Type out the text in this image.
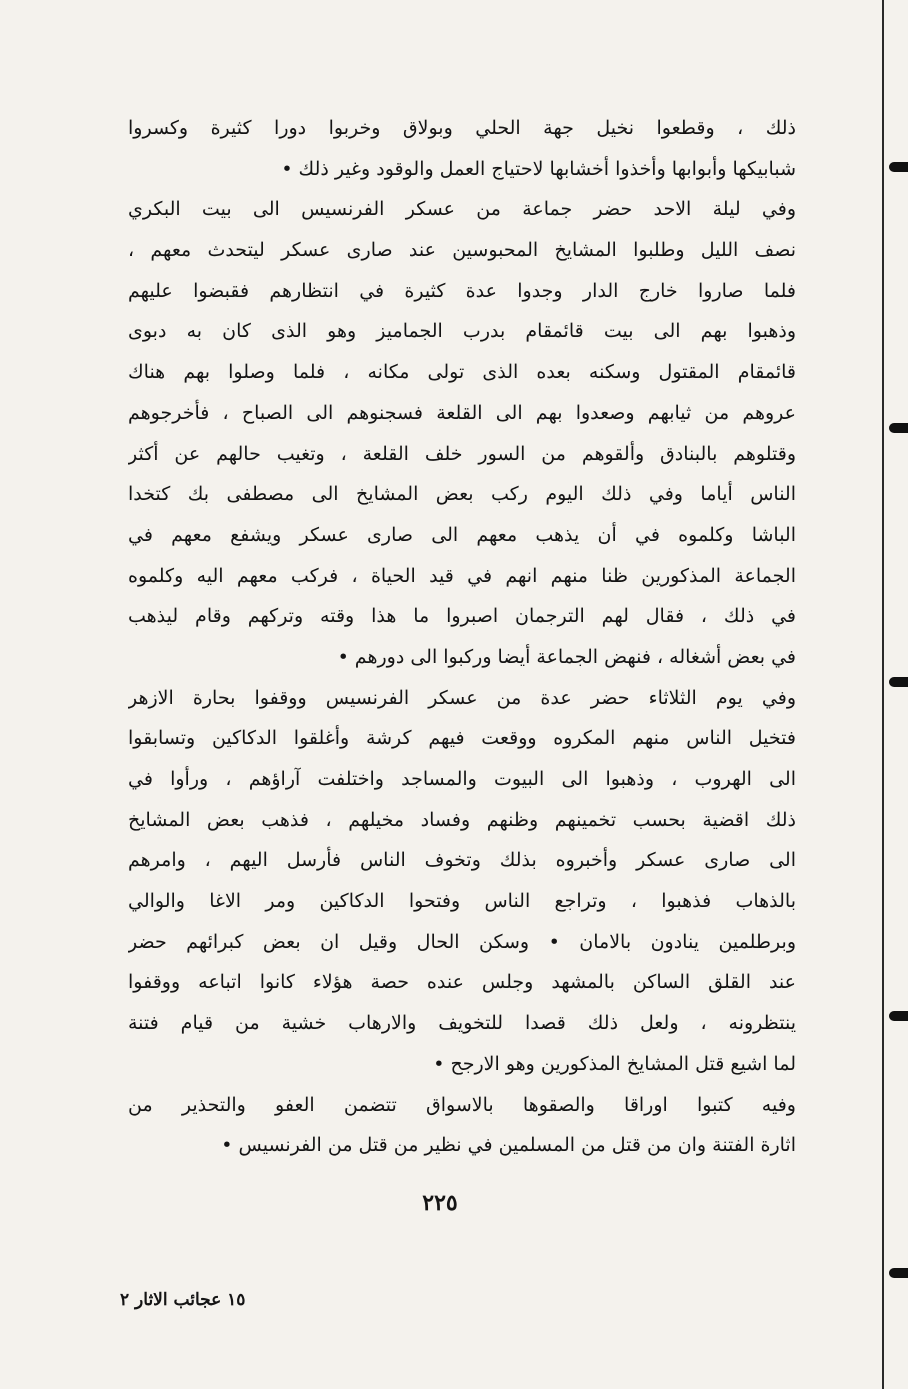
ذلك ، وقطعوا نخيل جهة الحلي وبولاق وخربوا دورا كثيرة وكسروا
شبابيكها وأبوابها وأخذوا أخشابها لاحتياج العمل والوقود وغير ذلك •
وفي ليلة الاحد حضر جماعة من عسكر الفرنسيس الى بيت البكري
نصف الليل وطلبوا المشايخ المحبوسين عند صارى عسكر ليتحدث معهم ،
فلما صاروا خارج الدار وجدوا عدة كثيرة في انتظارهم فقبضوا عليهم
وذهبوا بهم الى بيت قائمقام بدرب الجماميز وهو الذى كان به دبوى
قائمقام المقتول وسكنه بعده الذى تولى مكانه ، فلما وصلوا بهم هناك
عروهم من ثيابهم وصعدوا بهم الى القلعة فسجنوهم الى الصباح ، فأخرجوهم
وقتلوهم بالبنادق وألقوهم من السور خلف القلعة ، وتغيب حالهم عن أكثر
الناس أياما وفي ذلك اليوم ركب بعض المشايخ الى مصطفى بك كتخدا
الباشا وكلموه في أن يذهب معهم الى صارى عسكر ويشفع معهم في
الجماعة المذكورين ظنا منهم انهم في قيد الحياة ، فركب معهم اليه وكلموه
في ذلك ، فقال لهم الترجمان اصبروا ما هذا وقته وتركهم وقام ليذهب
في بعض أشغاله ، فنهض الجماعة أيضا وركبوا الى دورهم •
وفي يوم الثلاثاء حضر عدة من عسكر الفرنسيس ووقفوا بحارة الازهر
فتخيل الناس منهم المكروه ووقعت فيهم كرشة وأغلقوا الدكاكين وتسابقوا
الى الهروب ، وذهبوا الى البيوت والمساجد واختلفت آراؤهم ، ورأوا في
ذلك اقضية بحسب تخمينهم وظنهم وفساد مخيلهم ، فذهب بعض المشايخ
الى صارى عسكر وأخبروه بذلك وتخوف الناس فأرسل اليهم ، وامرهم
بالذهاب فذهبوا ، وتراجع الناس وفتحوا الدكاكين ومر الاغا والوالي
وبرطلمين ينادون بالامان • وسكن الحال وقيل ان بعض كبرائهم حضر
عند القلق الساكن بالمشهد وجلس عنده حصة هؤلاء كانوا اتباعه ووقفوا
ينتظرونه ، ولعل ذلك قصدا للتخويف والارهاب خشية من قيام فتنة
لما اشيع قتل المشايخ المذكورين وهو الارجح •
وفيه كتبوا اوراقا والصقوها بالاسواق تتضمن العفو والتحذير من
اثارة الفتنة وان من قتل من المسلمين في نظير من قتل من الفرنسيس •
٢٢٥
١٥ عجائب الاثار ٢
